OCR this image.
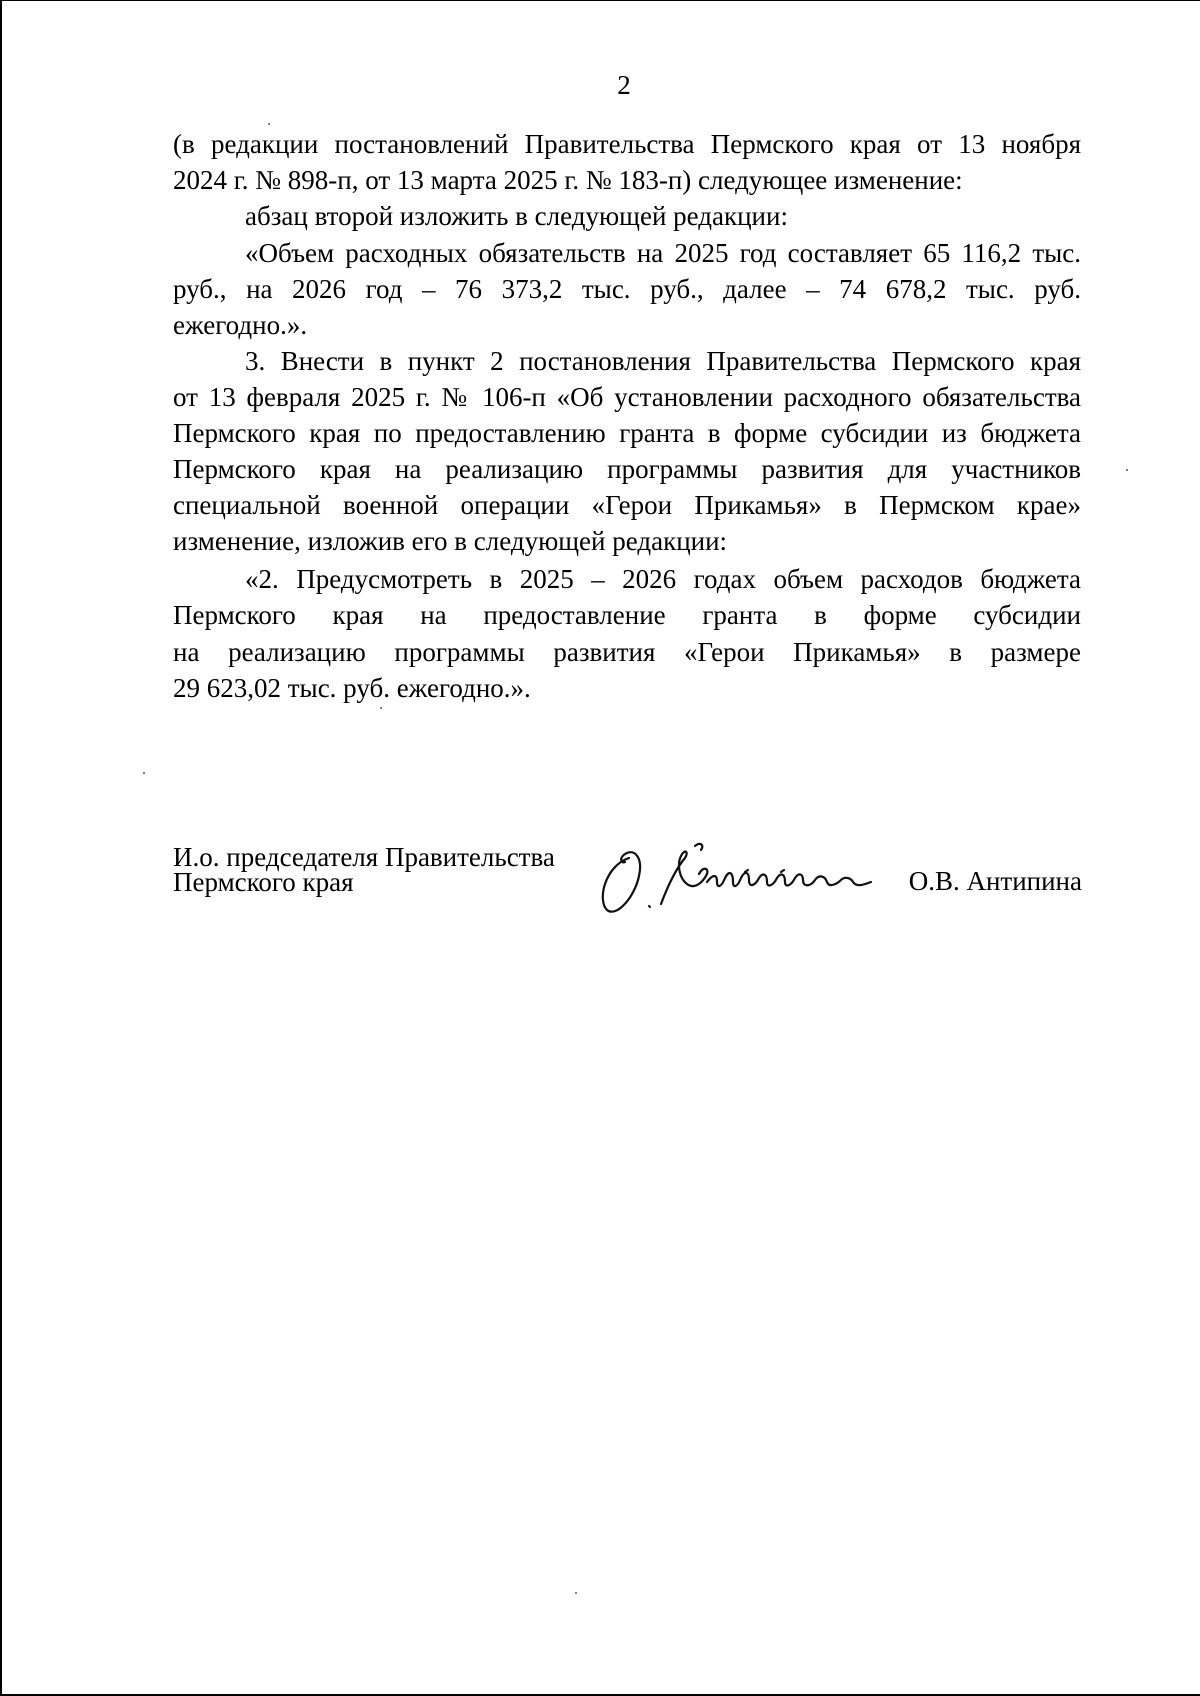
2
(в редакции постановлений Правительства Пермского края от 13 ноября
2024 г. № 898-п, от 13 марта 2025 г. № 183-п) следующее изменение:
абзац второй изложить в следующей редакции:
«Объем расходных обязательств на 2025 год составляет 65 116,2 тыс.
руб., на 2026 год – 76 373,2 тыс. руб., далее – 74 678,2 тыс. руб.
ежегодно.».
3. Внести в пункт 2 постановления Правительства Пермского края
от 13 февраля 2025 г. № 106-п «Об установлении расходного обязательства
Пермского края по предоставлению гранта в форме субсидии из бюджета
Пермского края на реализацию программы развития для участников
специальной военной операции «Герои Прикамья» в Пермском крае»
изменение, изложив его в следующей редакции:
«2. Предусмотреть в 2025 – 2026 годах объем расходов бюджета
Пермского края на предоставление гранта в форме субсидии
на реализацию программы развития «Герои Прикамья» в размере
29 623,02 тыс. руб. ежегодно.».
И.о. председателя Правительства
Пермского края	О.В. Антипина
